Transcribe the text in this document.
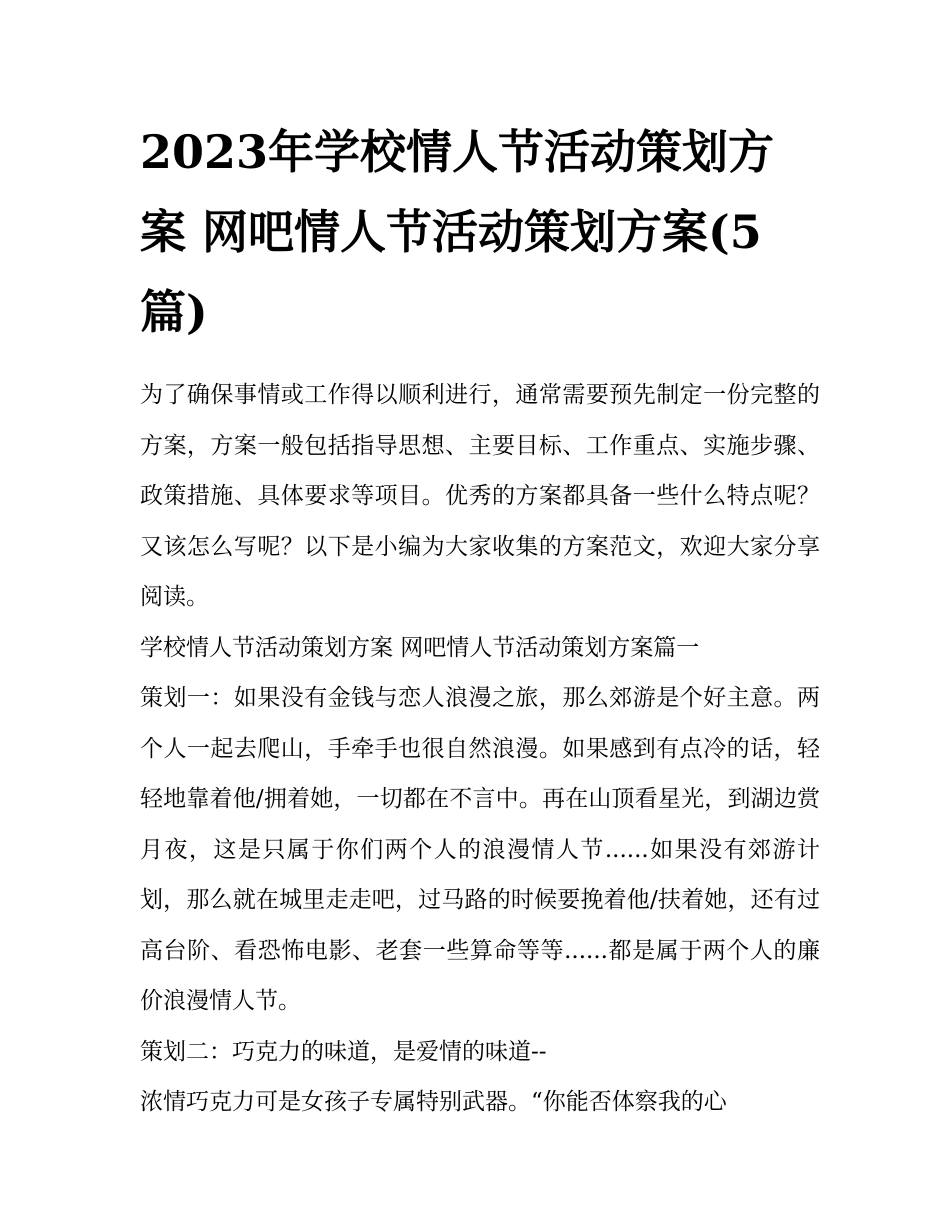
2023年学校情人节活动策划方案 网吧情人节活动策划方案(5篇)

为了确保事情或工作得以顺利进行，通常需要预先制定一份完整的方案，方案一般包括指导思想、主要目标、工作重点、实施步骤、政策措施、具体要求等项目。优秀的方案都具备一些什么特点呢？又该怎么写呢？以下是小编为大家收集的方案范文，欢迎大家分享阅读。

学校情人节活动策划方案 网吧情人节活动策划方案篇一

策划一：如果没有金钱与恋人浪漫之旅，那么郊游是个好主意。两个人一起去爬山，手牵手也很自然浪漫。如果感到有点冷的话，轻轻地靠着他/拥着她，一切都在不言中。再在山顶看星光，到湖边赏月夜，这是只属于你们两个人的浪漫情人节......如果没有郊游计划，那么就在城里走走吧，过马路的时候要挽着他/扶着她，还有过高台阶、看恐怖电影、老套一些算命等等......都是属于两个人的廉价浪漫情人节。

策划二：巧克力的味道，是爱情的味道--

浓情巧克力可是女孩子专属特别武器。“你能否体察我的心
